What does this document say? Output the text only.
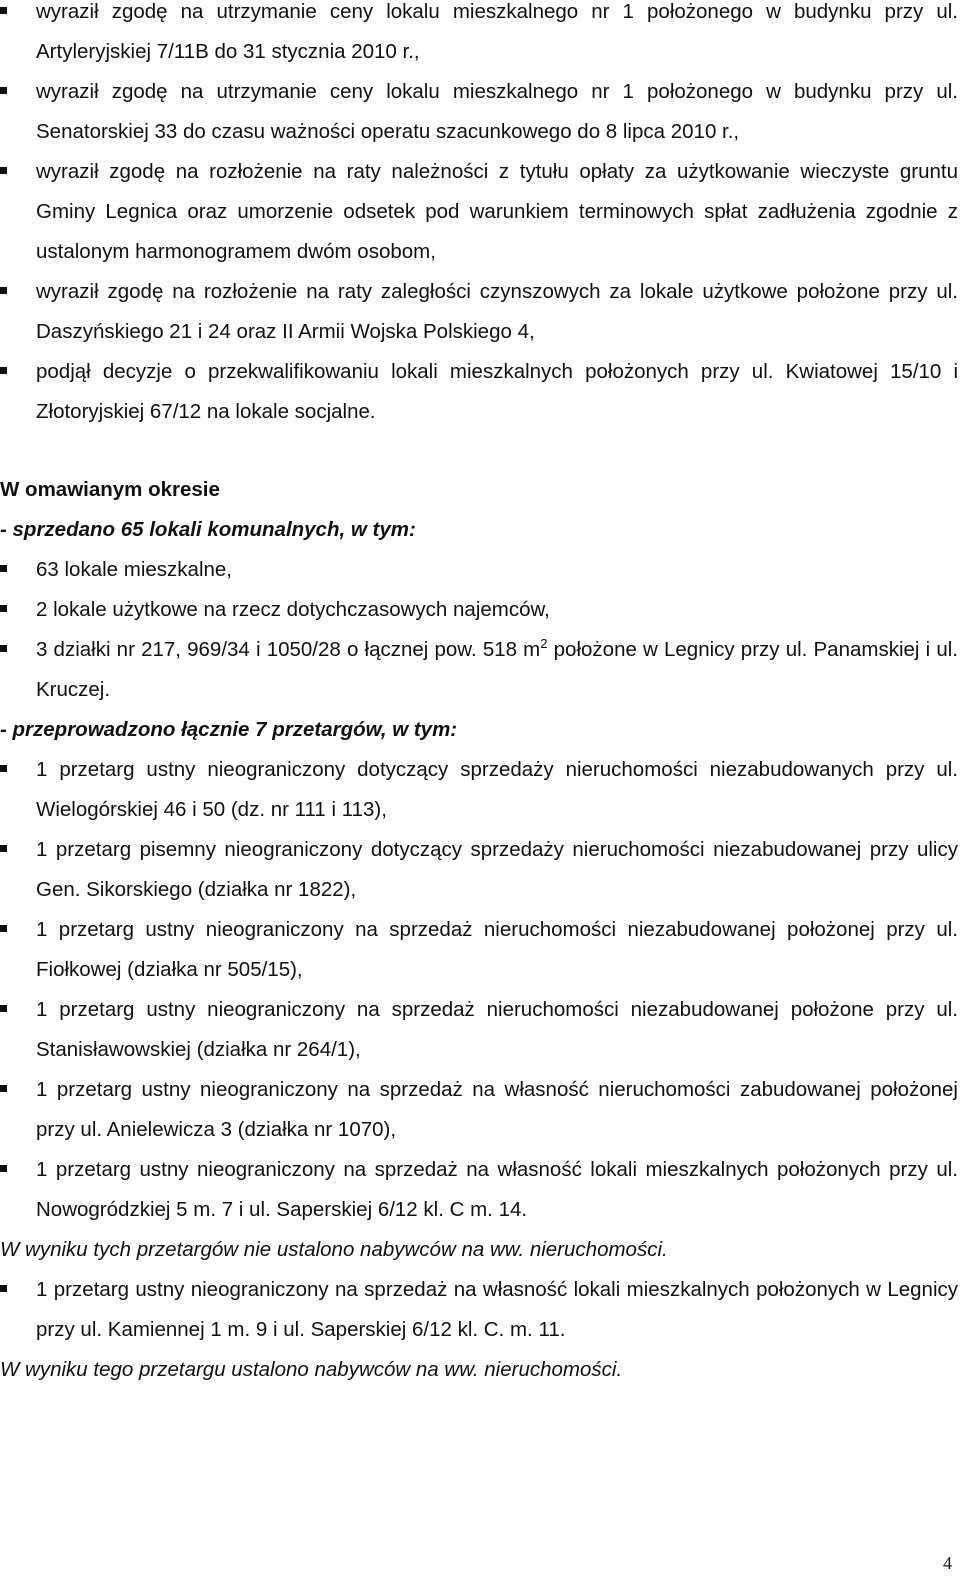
wyraził zgodę na utrzymanie ceny lokalu mieszkalnego nr 1 położonego w budynku przy ul. Artyleryjskiej 7/11B do 31 stycznia 2010 r.,
wyraził zgodę na utrzymanie ceny lokalu mieszkalnego nr 1 położonego w budynku przy ul. Senatorskiej 33 do czasu ważności operatu szacunkowego do 8 lipca 2010 r.,
wyraził zgodę na rozłożenie na raty należności z tytułu opłaty za użytkowanie wieczyste gruntu Gminy Legnica oraz umorzenie odsetek pod warunkiem terminowych spłat zadłużenia zgodnie z ustalonym harmonogramem dwóm osobom,
wyraził zgodę na rozłożenie na raty zaległości czynszowych za lokale użytkowe położone przy ul. Daszyńskiego 21 i 24 oraz II Armii Wojska Polskiego 4,
podjął decyzje o przekwalifikowaniu lokali mieszkalnych położonych przy ul. Kwiatowej 15/10 i Złotoryjskiej 67/12 na lokale socjalne.
W omawianym okresie
- sprzedano 65 lokali komunalnych, w tym:
63 lokale mieszkalne,
2 lokale użytkowe na rzecz dotychczasowych najemców,
3 działki nr 217, 969/34 i 1050/28 o łącznej pow. 518 $m^2$ położone w Legnicy przy ul. Panamskiej i ul. Kruczej.
- przeprowadzono łącznie 7 przetargów, w tym:
1 przetarg ustny nieograniczony dotyczący sprzedaży nieruchomości niezabudowanych przy ul. Wielogórskiej 46 i 50 (dz. nr 111 i 113),
1 przetarg pisemny nieograniczony dotyczący sprzedaży nieruchomości niezabudowanej przy ulicy Gen. Sikorskiego (działka nr 1822),
1 przetarg ustny nieograniczony na sprzedaż nieruchomości niezabudowanej położonej przy ul. Fiołkowej (działka nr 505/15),
1 przetarg ustny nieograniczony na sprzedaż nieruchomości niezabudowanej położone przy ul. Stanisławowskiej (działka nr 264/1),
1 przetarg ustny nieograniczony na sprzedaż na własność nieruchomości zabudowanej położonej przy ul. Anielewicza 3 (działka nr 1070),
1 przetarg ustny nieograniczony na sprzedaż na własność lokali mieszkalnych położonych przy ul. Nowogródzkiej 5 m. 7 i ul. Saperskiej 6/12 kl. C m. 14.
W wyniku tych przetargów nie ustalono nabywców na ww. nieruchomości.
1 przetarg ustny nieograniczony na sprzedaż na własność lokali mieszkalnych położonych w Legnicy przy ul. Kamiennej 1 m. 9 i ul. Saperskiej 6/12 kl. C. m. 11.
W wyniku tego przetargu ustalono nabywców na ww. nieruchomości.
4
